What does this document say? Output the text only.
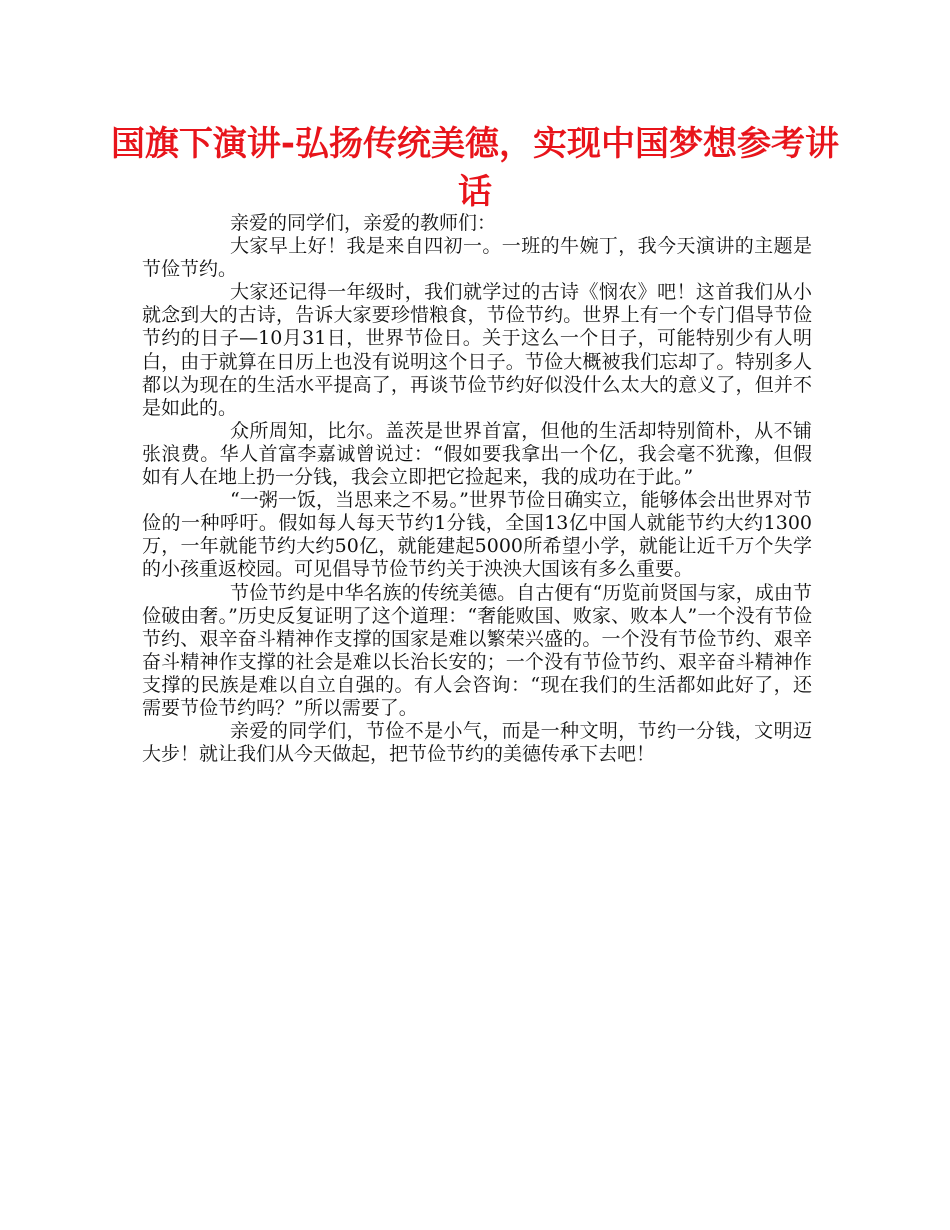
国旗下演讲-弘扬传统美德，实现中国梦想参考讲话

亲爱的同学们，亲爱的教师们：

大家早上好！我是来自四初一。一班的牛婉丁，我今天演讲的主题是节俭节约。

大家还记得一年级时，我们就学过的古诗《悯农》吧！这首我们从小就念到大的古诗，告诉大家要珍惜粮食，节俭节约。世界上有一个专门倡导节俭节约的日子—10月31日，世界节俭日。关于这么一个日子，可能特别少有人明白，由于就算在日历上也没有说明这个日子。节俭大概被我们忘却了。特别多人都以为现在的生活水平提高了，再谈节俭节约好似没什么太大的意义了，但并不是如此的。

众所周知，比尔。盖茨是世界首富，但他的生活却特别简朴，从不铺张浪费。华人首富李嘉诚曾说过：“假如要我拿出一个亿，我会毫不犹豫，但假如有人在地上扔一分钱，我会立即把它捡起来，我的成功在于此。”

“一粥一饭，当思来之不易。”世界节俭日确实立，能够体会出世界对节俭的一种呼吁。假如每人每天节约1分钱，全国13亿中国人就能节约大约1300万，一年就能节约大约50亿，就能建起5000所希望小学，就能让近千万个失学的小孩重返校园。可见倡导节俭节约关于泱泱大国该有多么重要。

节俭节约是中华名族的传统美德。自古便有“历览前贤国与家，成由节俭破由奢。”历史反复证明了这个道理：“奢能败国、败家、败本人”一个没有节俭节约、艰辛奋斗精神作支撑的国家是难以繁荣兴盛的。一个没有节俭节约、艰辛奋斗精神作支撑的社会是难以长治长安的；一个没有节俭节约、艰辛奋斗精神作支撑的民族是难以自立自强的。有人会咨询：“现在我们的生活都如此好了，还需要节俭节约吗？”所以需要了。

亲爱的同学们，节俭不是小气，而是一种文明，节约一分钱，文明迈大步！就让我们从今天做起，把节俭节约的美德传承下去吧！
